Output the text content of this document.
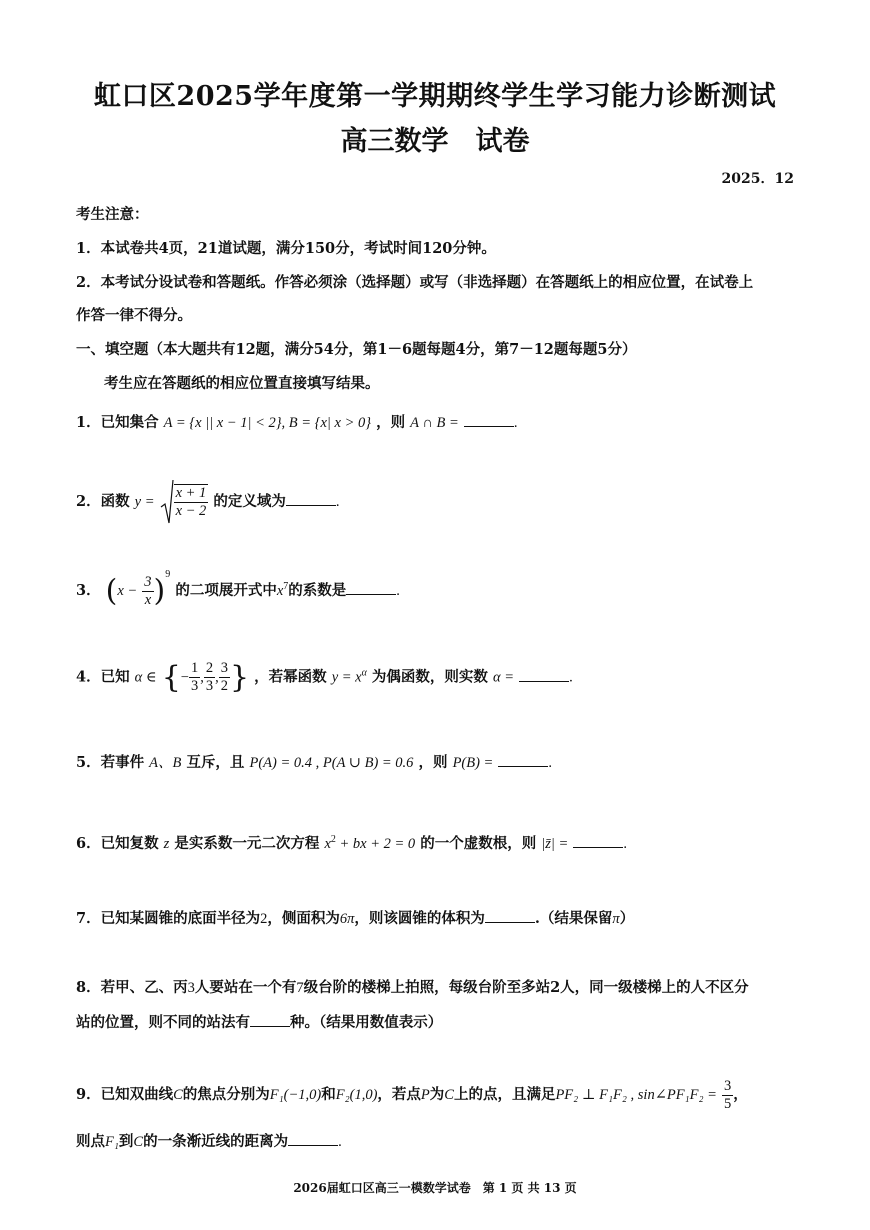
虹口区2025学年度第一学期期终学生学习能力诊断测试
高三数学　试卷
2025．12
考生注意：
1．本试卷共4页，21道试题，满分150分，考试时间120分钟。
2．本考试分设试卷和答题纸。作答必须涂（选择题）或写（非选择题）在答题纸上的相应位置，在试卷上
作答一律不得分。
一、填空题（本大题共有12题，满分54分，第1－6题每题4分，第7－12题每题5分）
考生应在答题纸的相应位置直接填写结果。
1．已知集合 A = {x || x − 1| < 2}, B = {x| x > 0} ，则 A ∩ B =	.
2．函数 $y = \frac{x + 1}{x - 2}$ 的定义域为	.
3． $(x - \frac{3}{x} )^9$ 的二项展开式中$x^7$的系数是	.
4．已知 α ∈ {− $\frac{1}{3}$ , $\frac{2}{3}$ , $\frac{3}{2}$ } ，若幂函数 $y = x^\alpha$ 为偶函数，则实数 α =	.
5．若事件 A、B 互斥，且 P(A) = 0.4 , P(A ∪ B) = 0.6 ，则 P(B) =	.
6．已知复数 z 是实系数一元二次方程 $x^2$ + bx + 2 = 0 的一个虚数根，则 |z̄| =	.
7．已知某圆锥的底面半径为2，侧面积为6π，则该圆锥的体积为	.（结果保留π）
8．若甲、乙、丙3人要站在一个有7级台阶的楼梯上拍照，每级台阶至多站2人，同一级楼梯上的人不区分
站的位置，则不同的站法有	种。（结果用数值表示）
9．已知双曲线C的焦点分别为F₁(−1,0)和F₂(1,0)，若点P为C上的点，且满足PF₂ ⊥ F₁F₂ , sin∠PF₁F₂ = $\frac{3}{5}$ ，
则点F₁到C的一条渐近线的距离为	.
2026届虹口区高三一模数学试卷　第 1 页 共 13 页
